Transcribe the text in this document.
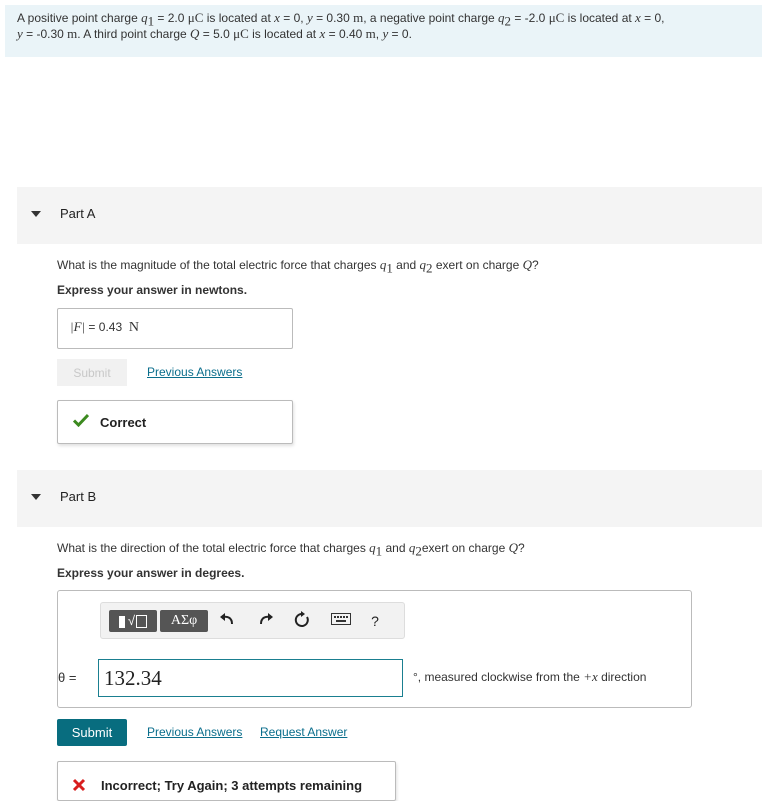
A positive point charge $q_1 = 2.0$ μC is located at x = 0, y = 0.30 m, a negative point charge $q_2 = -2.0$ μC is located at x = 0,
y = -0.30 m. A third point charge Q = 5.0 μC is located at x = 0.40 m, y = 0.
Part A
What is the magnitude of the total electric force that charges $q_1$ and $q_2$ exert on charge Q?
Express your answer in newtons.
|F| = 0.43 N
Submit	Previous Answers
Correct
Part B
What is the direction of the total electric force that charges $q_1$ and $q_2exert$ on charge Q?
Express your answer in degrees.
√	ΑΣφ	?
θ = 132.34	°, measured clockwise from the +x direction
Submit	Previous Answers Request Answer
Incorrect; Try Again; 3 attempts remaining
